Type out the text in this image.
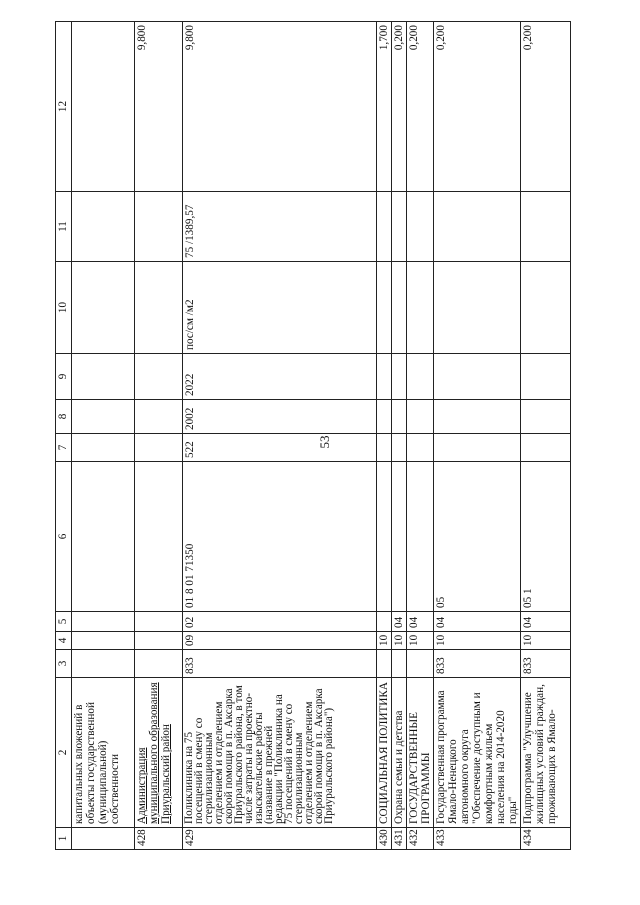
53
1	2	3	4	5	6	7	8	9	10	11	12
	капитальных вложений в объекты государственной (муниципальной) собственности										
428	Администрация муниципального образования Приуральский район										9,800
429	Поликлиника на 75 посещений в смену со стерилизационным отделением и отделением скорой помощи в п. Аксарка Приуральского района, в том числе затраты на проектно-изыскательские работы (название в прежней редакции "Поликлиника на 75 посещений в смену со стерилизационным отделением и отделением скорой помощи в п. Аксарка Приуральского района")	833	09	02	01 8 01 71350	522	2002	2022	пос/см /м2	75 /1389,57	9,800
430	СОЦИАЛЬНАЯ ПОЛИТИКА		10								1,700
431	Охрана семьи и детства		10	04							0,200
432	ГОСУДАРСТВЕННЫЕ ПРОГРАММЫ		10	04							0,200
433	Государственная программа Ямало-Ненецкого автономного округа "Обеспечение доступным и комфортным жильем населения на 2014-2020 годы"	833	10	04	05						0,200
434	Подпрограмма "Улучшение жилищных условий граждан, проживающих в Ямало-	833	10	04	05 1						0,200
